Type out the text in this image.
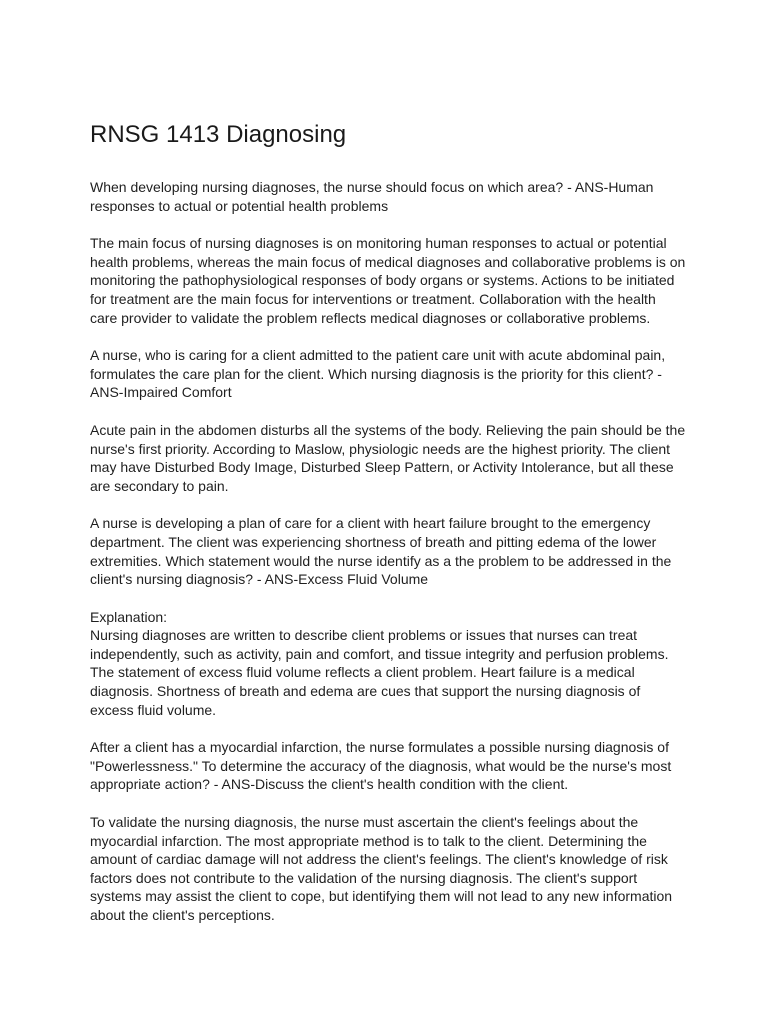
RNSG 1413 Diagnosing

When developing nursing diagnoses, the nurse should focus on which area? - ANS-Human
responses to actual or potential health problems

The main focus of nursing diagnoses is on monitoring human responses to actual or potential
health problems, whereas the main focus of medical diagnoses and collaborative problems is on
monitoring the pathophysiological responses of body organs or systems. Actions to be initiated
for treatment are the main focus for interventions or treatment. Collaboration with the health
care provider to validate the problem reflects medical diagnoses or collaborative problems.

A nurse, who is caring for a client admitted to the patient care unit with acute abdominal pain,
formulates the care plan for the client. Which nursing diagnosis is the priority for this client? -
ANS-Impaired Comfort

Acute pain in the abdomen disturbs all the systems of the body. Relieving the pain should be the
nurse's first priority. According to Maslow, physiologic needs are the highest priority. The client
may have Disturbed Body Image, Disturbed Sleep Pattern, or Activity Intolerance, but all these
are secondary to pain.

A nurse is developing a plan of care for a client with heart failure brought to the emergency
department. The client was experiencing shortness of breath and pitting edema of the lower
extremities. Which statement would the nurse identify as a the problem to be addressed in the
client's nursing diagnosis? - ANS-Excess Fluid Volume

Explanation:
Nursing diagnoses are written to describe client problems or issues that nurses can treat
independently, such as activity, pain and comfort, and tissue integrity and perfusion problems.
The statement of excess fluid volume reflects a client problem. Heart failure is a medical
diagnosis. Shortness of breath and edema are cues that support the nursing diagnosis of
excess fluid volume.

After a client has a myocardial infarction, the nurse formulates a possible nursing diagnosis of
"Powerlessness." To determine the accuracy of the diagnosis, what would be the nurse's most
appropriate action? - ANS-Discuss the client's health condition with the client.

To validate the nursing diagnosis, the nurse must ascertain the client's feelings about the
myocardial infarction. The most appropriate method is to talk to the client. Determining the
amount of cardiac damage will not address the client's feelings. The client's knowledge of risk
factors does not contribute to the validation of the nursing diagnosis. The client's support
systems may assist the client to cope, but identifying them will not lead to any new information
about the client's perceptions.
